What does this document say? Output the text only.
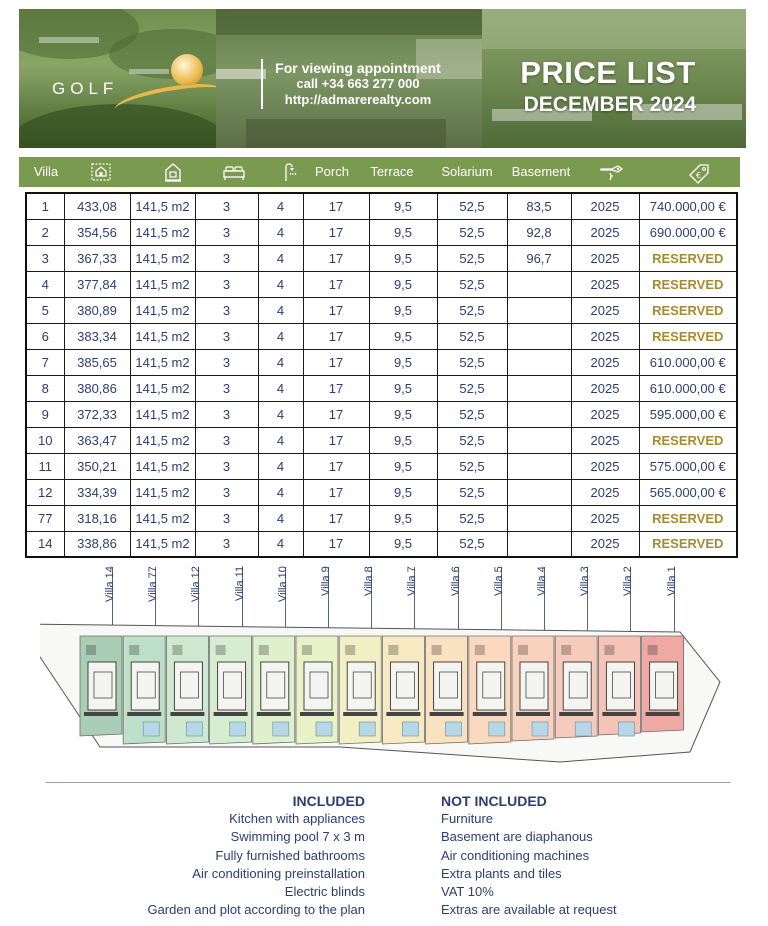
GOLF
For viewing appointment
call +34 663 277 000
http://admarerealty.com
PRICE LIST
DECEMBER 2024
Villa	Porch	Terrace	Solarium	Basement	€
1	433,08	141,5 m2	3	4	17	9,5	52,5	83,5	2025	740.000,00 €
2	354,56	141,5 m2	3	4	17	9,5	52,5	92,8	2025	690.000,00 €
3	367,33	141,5 m2	3	4	17	9,5	52,5	96,7	2025	RESERVED
4	377,84	141,5 m2	3	4	17	9,5	52,5		2025	RESERVED
5	380,89	141,5 m2	3	4	17	9,5	52,5		2025	RESERVED
6	383,34	141,5 m2	3	4	17	9,5	52,5		2025	RESERVED
7	385,65	141,5 m2	3	4	17	9,5	52,5		2025	610.000,00 €
8	380,86	141,5 m2	3	4	17	9,5	52,5		2025	610.000,00 €
9	372,33	141,5 m2	3	4	17	9,5	52,5		2025	595.000,00 €
10	363,47	141,5 m2	3	4	17	9,5	52,5		2025	RESERVED
11	350,21	141,5 m2	3	4	17	9,5	52,5		2025	575.000,00 €
12	334,39	141,5 m2	3	4	17	9,5	52,5		2025	565.000,00 €
77	318,16	141,5 m2	3	4	17	9,5	52,5		2025	RESERVED
14	338,86	141,5 m2	3	4	17	9,5	52,5		2025	RESERVED
Villa 14	Villa 77	Villa 12	Villa 11	Villa 10	Villa 9	Villa 8	Villa 7	Villa 6	Villa 5	Villa 4	Villa 3	Villa 2	Villa 1
INCLUDED
Kitchen with appliances
Swimming pool 7 x 3 m
Fully furnished bathrooms
Air conditioning preinstallation
Electric blinds
Garden and plot according to the plan
NOT INCLUDED
Furniture
Basement are diaphanous
Air conditioning machines
Extra plants and tiles
VAT 10%
Extras are available at request
